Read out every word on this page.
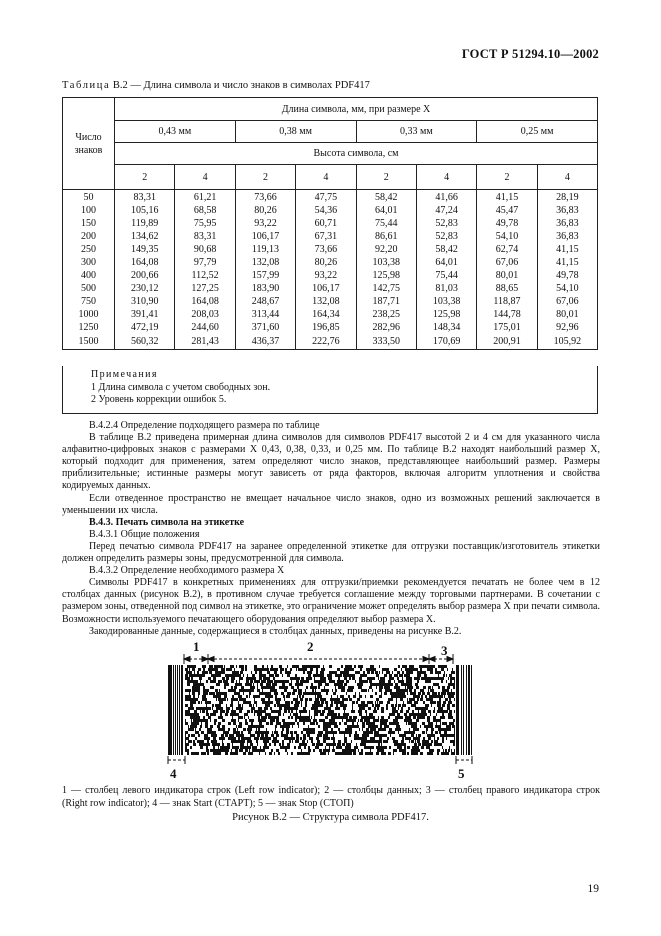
ГОСТ Р 51294.10—2002
Таблица В.2 — Длина символа и число знаков в символах PDF417
Число знаков	Длина символа, мм, при размере X							
	0,43 мм		0,38 мм		0,33 мм		0,25 мм	
	Высота символа, см							
	2	4	2	4	2	4	2	4
50	83,31	61,21	73,66	47,75	58,42	41,66	41,15	28,19
100	105,16	68,58	80,26	54,36	64,01	47,24	45,47	36,83
150	119,89	75,95	93,22	60,71	75,44	52,83	49,78	36,83
200	134,62	83,31	106,17	67,31	86,61	52,83	54,10	36,83
250	149,35	90,68	119,13	73,66	92,20	58,42	62,74	41,15
300	164,08	97,79	132,08	80,26	103,38	64,01	67,06	41,15
400	200,66	112,52	157,99	93,22	125,98	75,44	80,01	49,78
500	230,12	127,25	183,90	106,17	142,75	81,03	88,65	54,10
750	310,90	164,08	248,67	132,08	187,71	103,38	118,87	67,06
1000	391,41	208,03	313,44	164,34	238,25	125,98	144,78	80,01
1250	472,19	244,60	371,60	196,85	282,96	148,34	175,01	92,96
1500	560,32	281,43	436,37	222,76	333,50	170,69	200,91	105,92
Примечания
1 Длина символа с учетом свободных зон.
2 Уровень коррекции ошибок 5.

В.4.2.4 Определение подходящего размера по таблице

В таблице В.2 приведена примерная длина символов для символов PDF417 высотой 2 и 4 см для указанного числа алфавитно-цифровых знаков с размерами X 0,43, 0,38, 0,33, и 0,25 мм. По таблице В.2 находят наибольший размер X, который подходит для применения, затем определяют число знаков, представляющее наибольший размер. Размеры приблизительные; истинные размеры могут зависеть от ряда факторов, включая алгоритм уплотнения и свойства кодируемых данных.

Если отведенное пространство не вмещает начальное число знаков, одно из возможных решений заключается в уменьшении их числа.

В.4.3. Печать символа на этикетке

В.4.3.1 Общие положения

Перед печатью символа PDF417 на заранее определенной этикетке для отгрузки поставщик/изготовитель этикетки должен определить размеры зоны, предусмотренной для символа.

В.4.3.2 Определение необходимого размера X

Символы PDF417 в конкретных применениях для отгрузки/приемки рекомендуется печатать не более чем в 12 столбцах данных (рисунок В.2), в противном случае требуется соглашение между торговыми партнерами. В сочетании с размером зоны, отведенной под символ на этикетке, это ограничение может определять выбор размера X при печати символа. Возможности используемого печатающего оборудования определяют выбор размера X.

Закодированные данные, содержащиеся в столбцах данных, приведены на рисунке В.2.

1	2	3
4	5
1 — столбец левого индикатора строк (Left row indicator); 2 — столбцы данных; 3 — столбец правого индикатора строк (Right row indicator); 4 — знак Start (СТАРТ); 5 — знак Stop (СТОП)
Рисунок В.2 — Структура символа PDF417.
19
